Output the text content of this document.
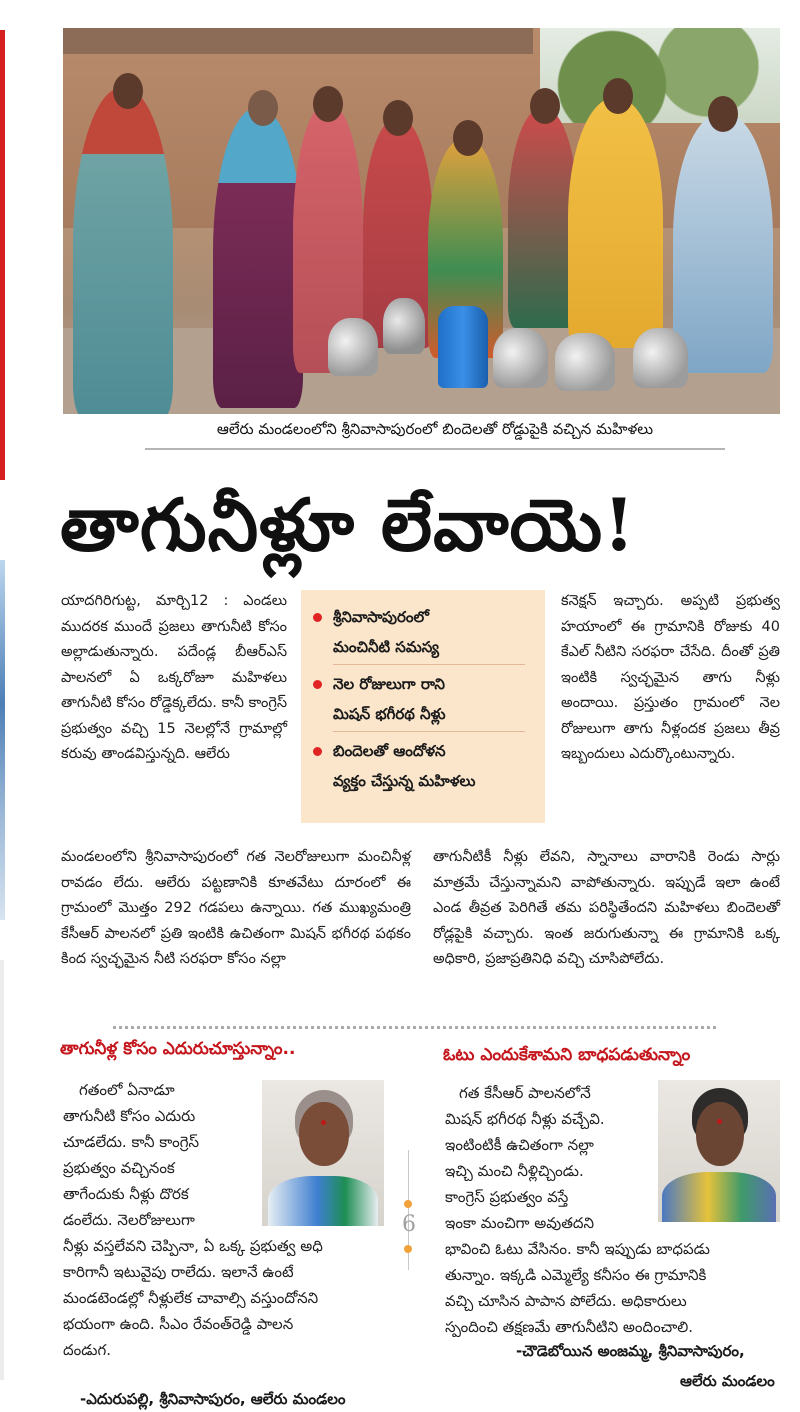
ఆలేరు మండలంలోని శ్రీనివాసాపురంలో బిందెలతో రోడ్డుపైకి వచ్చిన మహిళలు
తాగునీళ్లూ లేవాయె!
యాదగిరిగుట్ట, మార్చి12 : ఎండలు ముదరక ముందే ప్రజలు తాగునీటి కోసం అల్లాడుతున్నారు. పదేండ్ల బీఆర్‌ఎస్‌ పాలనలో ఏ ఒక్కరోజూ మహిళలు తాగునీటి కోసం రోడ్డెక్కలేదు. కానీ కాంగ్రెస్‌ ప్రభుత్వం వచ్చి 15 నెలల్లోనే గ్రామాల్లో కరువు తాండవిస్తున్నది. ఆలేరు
శ్రీనివాసాపురంలో
మంచినీటి సమస్య
నెల రోజులుగా రాని
మిషన్‌ భగీరథ నీళ్లు
బిందెలతో ఆందోళన
వ్యక్తం చేస్తున్న మహిళలు
కనెక్షన్‌ ఇచ్చారు. అప్పటి ప్రభుత్వ హయాంలో ఈ గ్రామానికి రోజుకు 40 కేఎల్‌ నీటిని సరఫరా చేసేది. దీంతో ప్రతి ఇంటికి స్వచ్ఛమైన తాగు నీళ్లు అందాయి. ప్రస్తుతం గ్రామంలో నెల రోజులుగా తాగు నీళ్లందక ప్రజలు తీవ్ర ఇబ్బందులు ఎదుర్కొంటున్నారు.
మండలంలోని శ్రీనివాసాపురంలో గత నెలరోజులుగా మంచినీళ్ల రావడం లేదు. ఆలేరు పట్టణానికి కూతవేటు దూరంలో ఈ గ్రామంలో మొత్తం 292 గడపలు ఉన్నాయి. గత ముఖ్యమంత్రి కేసీఆర్‌ పాలనలో ప్రతి ఇంటికి ఉచితంగా మిషన్‌ భగీరథ పథకం కింద స్వచ్ఛమైన నీటి సరఫరా కోసం నల్లా
తాగునీటికీ నీళ్లు లేవని, స్నానాలు వారానికి రెండు సార్లు మాత్రమే చేస్తున్నామని వాపోతున్నారు. ఇప్పుడే ఇలా ఉంటే ఎండ తీవ్రత పెరిగితే తమ పరిస్థితేందని మహిళలు బిందెలతో రోడ్లపైకి వచ్చారు. ఇంత జరుగుతున్నా ఈ గ్రామానికి ఒక్క అధికారి, ప్రజాప్రతినిధి వచ్చి చూసిపోలేదు.
తాగునీళ్ల కోసం ఎదురుచూస్తున్నాం..
గతంలో ఏనాడూ
తాగునీటి కోసం ఎదురు
చూడలేదు. కానీ కాంగ్రెస్‌
ప్రభుత్వం వచ్చినంక
తాగేందుకు నీళ్లు దొరక
డంలేదు. నెలరోజులుగా
నీళ్లు వస్తలేవని చెప్పినా, ఏ ఒక్క ప్రభుత్వ అధి
కారిగానీ ఇటువైపు రాలేదు. ఇలానే ఉంటే
మండటెండల్లో నీళ్లులేక చావాల్సి వస్తుందోనని
భయంగా ఉంది. సీఎం రేవంత్‌రెడ్డి పాలన
దండుగ.
-ఎదురుపల్లి, శ్రీనివాసాపురం, ఆలేరు మండలం
6
ఓటు ఎందుకేశామని బాధపడుతున్నాం
గత కేసీఆర్‌ పాలనలోనే
మిషన్‌ భగీరథ నీళ్లు వచ్చేవి.
ఇంటింటికీ ఉచితంగా నల్లా
ఇచ్చి మంచి నీళ్లిచ్చిండు.
కాంగ్రెస్‌ ప్రభుత్వం వస్తే
ఇంకా మంచిగా అవుతదని
భావించి ఓటు వేసినం. కానీ ఇప్పుడు బాధపడు
తున్నాం. ఇక్కడి ఎమ్మెల్యే కనీసం ఈ గ్రామానికి
వచ్చి చూసిన పాపాన పోలేదు. అధికారులు
స్పందించి తక్షణమే తాగునీటిని అందించాలి.
-చౌడెబోయిన అంజమ్మ, శ్రీనివాసాపురం,
ఆలేరు మండలం
